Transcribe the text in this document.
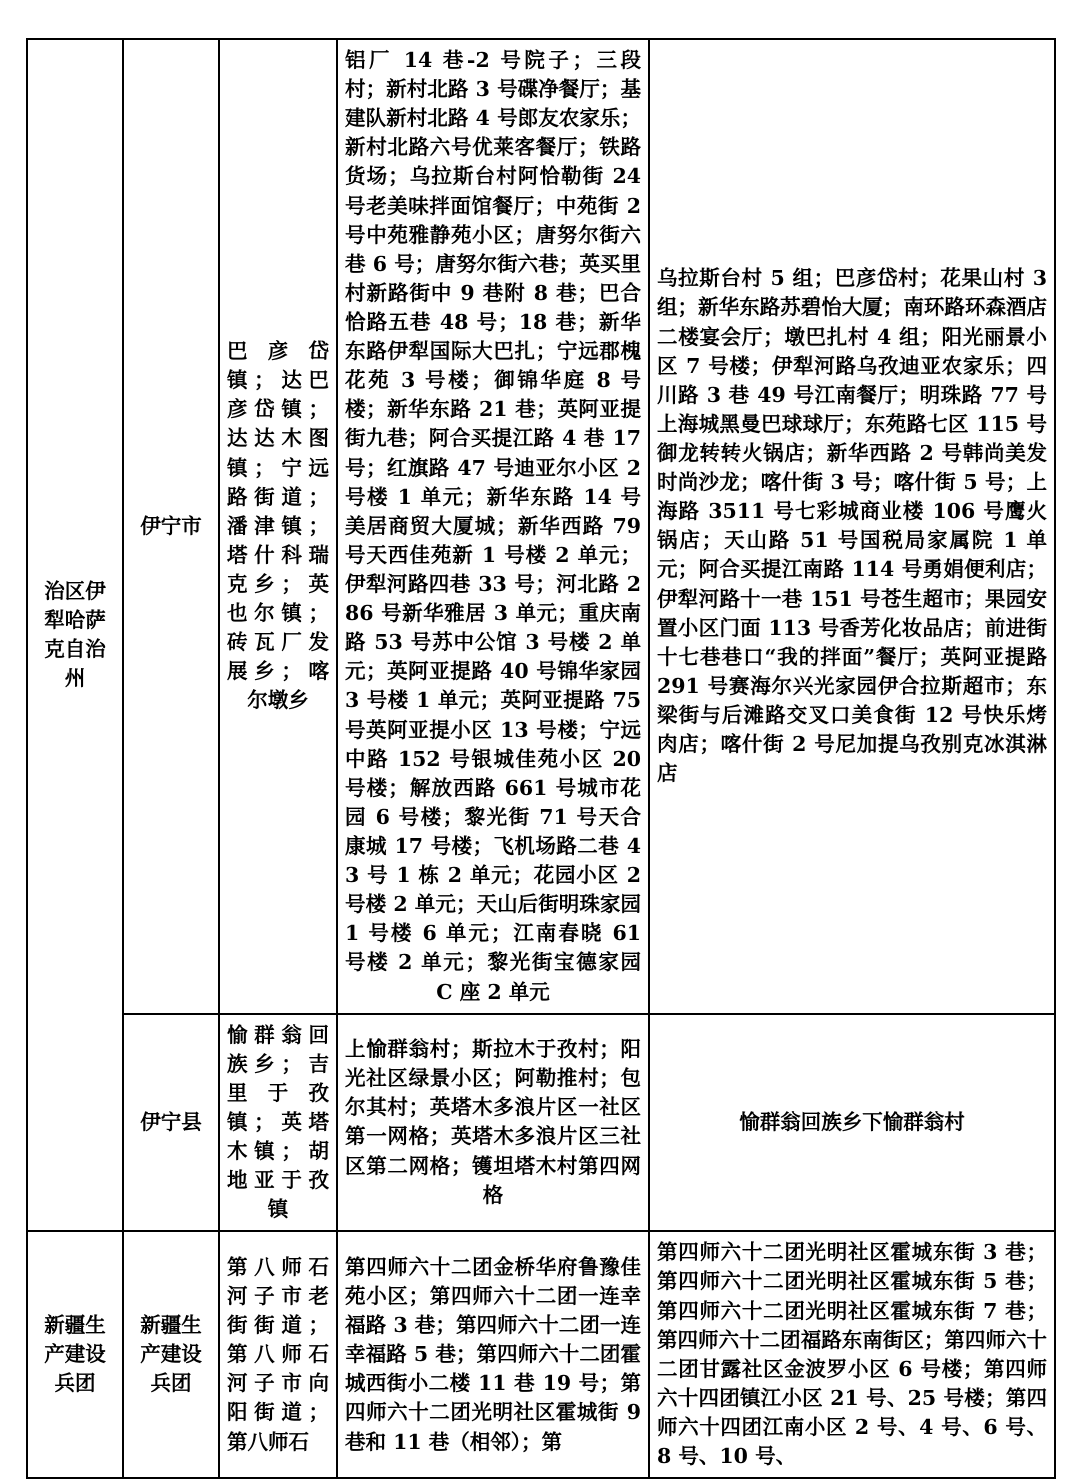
治区伊犁哈萨克自治州	伊宁市	巴彦岱镇；达巴彦岱镇；达达木图镇；宁远路街道；潘津镇；塔什科瑞克乡；英也尔镇；砖瓦厂发展乡；喀尔墩乡	铝厂 14 巷-2 号院子；三段村；新村北路 3 号碟净餐厅；基建队新村北路 4 号郎友农家乐；新村北路六号优莱客餐厅；铁路货场；乌拉斯台村阿恰勒街 24 号老美味拌面馆餐厅；中苑街 2 号中苑雅静苑小区；唐努尔街六巷 6 号；唐努尔街六巷；英买里村新路街中 9 巷附 8 巷；巴合恰路五巷 48 号；18 巷；新华东路伊犁国际大巴扎；宁远郡槐花苑 3 号楼；御锦华庭 8 号楼；新华东路 21 巷；英阿亚提街九巷；阿合买提江路 4 巷 17 号；红旗路 47 号迪亚尔小区 2 号楼 1 单元；新华东路 14 号美居商贸大厦城；新华西路 79 号天西佳苑新 1 号楼 2 单元；伊犁河路四巷 33 号；河北路 286 号新华雅居 3 单元；重庆南路 53 号苏中公馆 3 号楼 2 单元；英阿亚提路 40 号锦华家园 3 号楼 1 单元；英阿亚提路 75 号英阿亚提小区 13 号楼；宁远中路 152 号银城佳苑小区 20 号楼；解放西路 661 号城市花园 6 号楼；黎光街 71 号天合康城 17 号楼；飞机场路二巷 43 号 1 栋 2 单元；花园小区 2 号楼 2 单元；天山后街明珠家园 1 号楼 6 单元；江南春晓 61 号楼 2 单元；黎光街宝德家园 C 座 2 单元	乌拉斯台村 5 组；巴彦岱村；花果山村 3 组；新华东路苏碧怡大厦；南环路环森酒店二楼宴会厅；墩巴扎村 4 组；阳光丽景小区 7 号楼；伊犁河路乌孜迪亚农家乐；四川路 3 巷 49 号江南餐厅；明珠路 77 号上海城黑曼巴球球厅；东苑路七区 115 号御龙转转火锅店；新华西路 2 号韩尚美发时尚沙龙；喀什街 3 号；喀什街 5 号；上海路 3511 号七彩城商业楼 106 号鹰火锅店；天山路 51 号国税局家属院 1 单元；阿合买提江南路 114 号勇娟便利店；伊犁河路十一巷 151 号苍生超市；果园安置小区门面 113 号香芳化妆品店；前进街十七巷巷口“我的拌面”餐厅；英阿亚提路 291 号赛海尔兴光家园伊合拉斯超市；东梁街与后滩路交叉口美食街 12 号快乐烤肉店；喀什街 2 号尼加提乌孜别克冰淇淋店
	伊宁县	愉群翁回族乡；吉里于孜镇；英塔木镇；胡地亚于孜镇	上愉群翁村；斯拉木于孜村；阳光社区绿景小区；阿勒推村；包尔其村；英塔木多浪片区一社区第一网格；英塔木多浪片区三社区第二网格；镬坦塔木村第四网格	愉群翁回族乡下愉群翁村
新疆生产建设兵团	新疆生产建设兵团	第八师石河子市老街街道；第八师石河子市向阳街道；第八师石	第四师六十二团金桥华府鲁豫佳苑小区；第四师六十二团一连幸福路 3 巷；第四师六十二团一连幸福路 5 巷；第四师六十二团霍城西街小二楼 11 巷 19 号；第四师六十二团光明社区霍城街 9 巷和 11 巷（相邻）；第	第四师六十二团光明社区霍城东街 3 巷；第四师六十二团光明社区霍城东街 5 巷；第四师六十二团光明社区霍城东街 7 巷；第四师六十二团福路东南街区；第四师六十二团甘露社区金波罗小区 6 号楼；第四师六十四团镇江小区 21 号、25 号楼；第四师六十四团江南小区 2 号、4 号、6 号、8 号、10 号、
